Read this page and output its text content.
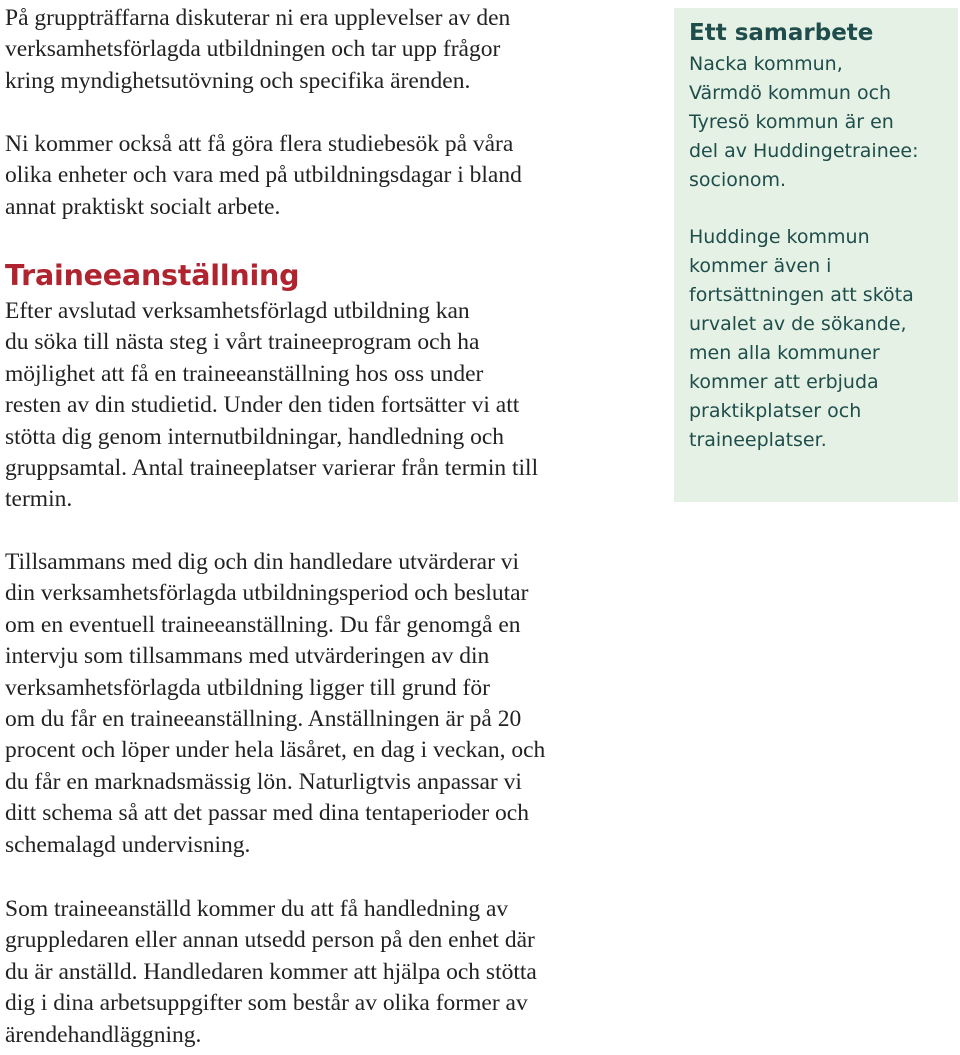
På gruppträffarna diskuterar ni era upplevelser av den
verksamhetsförlagda utbildningen och tar upp frågor
kring myndighetsutövning och specifika ärenden.

Ni kommer också att få göra flera studiebesök på våra
olika enheter och vara med på utbildningsdagar i bland
annat praktiskt socialt arbete.

Traineeanställning

Efter avslutad verksamhetsförlagd utbildning kan
du söka till nästa steg i vårt traineeprogram och ha
möjlighet att få en traineeanställning hos oss under
resten av din studietid. Under den tiden fortsätter vi att
stötta dig genom internutbildningar, handledning och
gruppsamtal. Antal traineeplatser varierar från termin till
termin.

Tillsammans med dig och din handledare utvärderar vi
din verksamhetsförlagda utbildningsperiod och beslutar
om en eventuell traineeanställning. Du får genomgå en
intervju som tillsammans med utvärderingen av din
verksamhetsförlagda utbildning ligger till grund för
om du får en traineeanställning. Anställningen är på 20
procent och löper under hela läsåret, en dag i veckan, och
du får en marknadsmässig lön. Naturligtvis anpassar vi
ditt schema så att det passar med dina tentaperioder och
schemalagd undervisning.

Som traineeanställd kommer du att få handledning av
gruppledaren eller annan utsedd person på den enhet där
du är anställd. Handledaren kommer att hjälpa och stötta
dig i dina arbetsuppgifter som består av olika former av
ärendehandläggning.

Ett samarbete

Nacka kommun,
Värmdö kommun och
Tyresö kommun är en
del av Huddingetrainee:
socionom.

Huddinge kommun
kommer även i
fortsättningen att sköta
urvalet av de sökande,
men alla kommuner
kommer att erbjuda
praktikplatser och
traineeplatser.
